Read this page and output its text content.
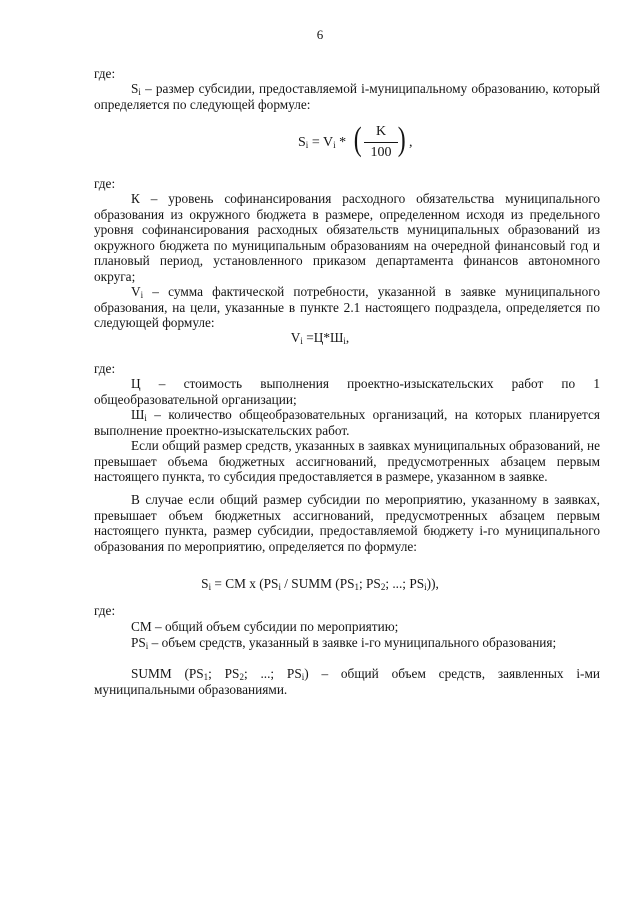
6
где:
$S_i$ – размер субсидии, предоставляемой i-муниципальному образованию, который определяется по следующей формуле:
$S_i = V_i$ * (	K
100 ) ,
где:
К – уровень софинансирования расходного обязательства муниципального образования из окружного бюджета в размере, определенном исходя из предельного уровня софинансирования расходных обязательств муниципальных образований из окружного бюджета по муниципальным образованиям на очередной финансовый год и плановый период, установленного приказом департамента финансов автономного округа;
$V_i$ – сумма фактической потребности, указанной в заявке муниципального образования, на цели, указанные в пункте 2.1 настоящего подраздела, определяется по следующей формуле:
$V_i =Ц*Ш_i$,
где:
Ц – стоимость выполнения проектно-изыскательских работ по 1 общеобразовательной организации;
$Ш_i$ – количество общеобразовательных организаций, на которых планируется выполнение проектно-изыскательских работ.
Если общий размер средств, указанных в заявках муниципальных образований, не превышает объема бюджетных ассигнований, предусмотренных абзацем первым настоящего пункта, то субсидия предоставляется в размере, указанном в заявке.
В случае если общий размер субсидии по мероприятию, указанному в заявках, превышает объем бюджетных ассигнований, предусмотренных абзацем первым настоящего пункта, размер субсидии, предоставляемой бюджету i-го муниципального образования по мероприятию, определяется по формуле:
$S_i$ = CM x ($PS_i$ / SUMM ($PS_1$; $PS_2$; ...; $PS_i$)),
где:
CM – общий объем субсидии по мероприятию;
$PS_i$ – объем средств, указанный в заявке i-го муниципального образования;
SUMM ($PS_1$; $PS_2$; ...; $PS_i$) – общий объем средств, заявленных i-ми муниципальными образованиями.
